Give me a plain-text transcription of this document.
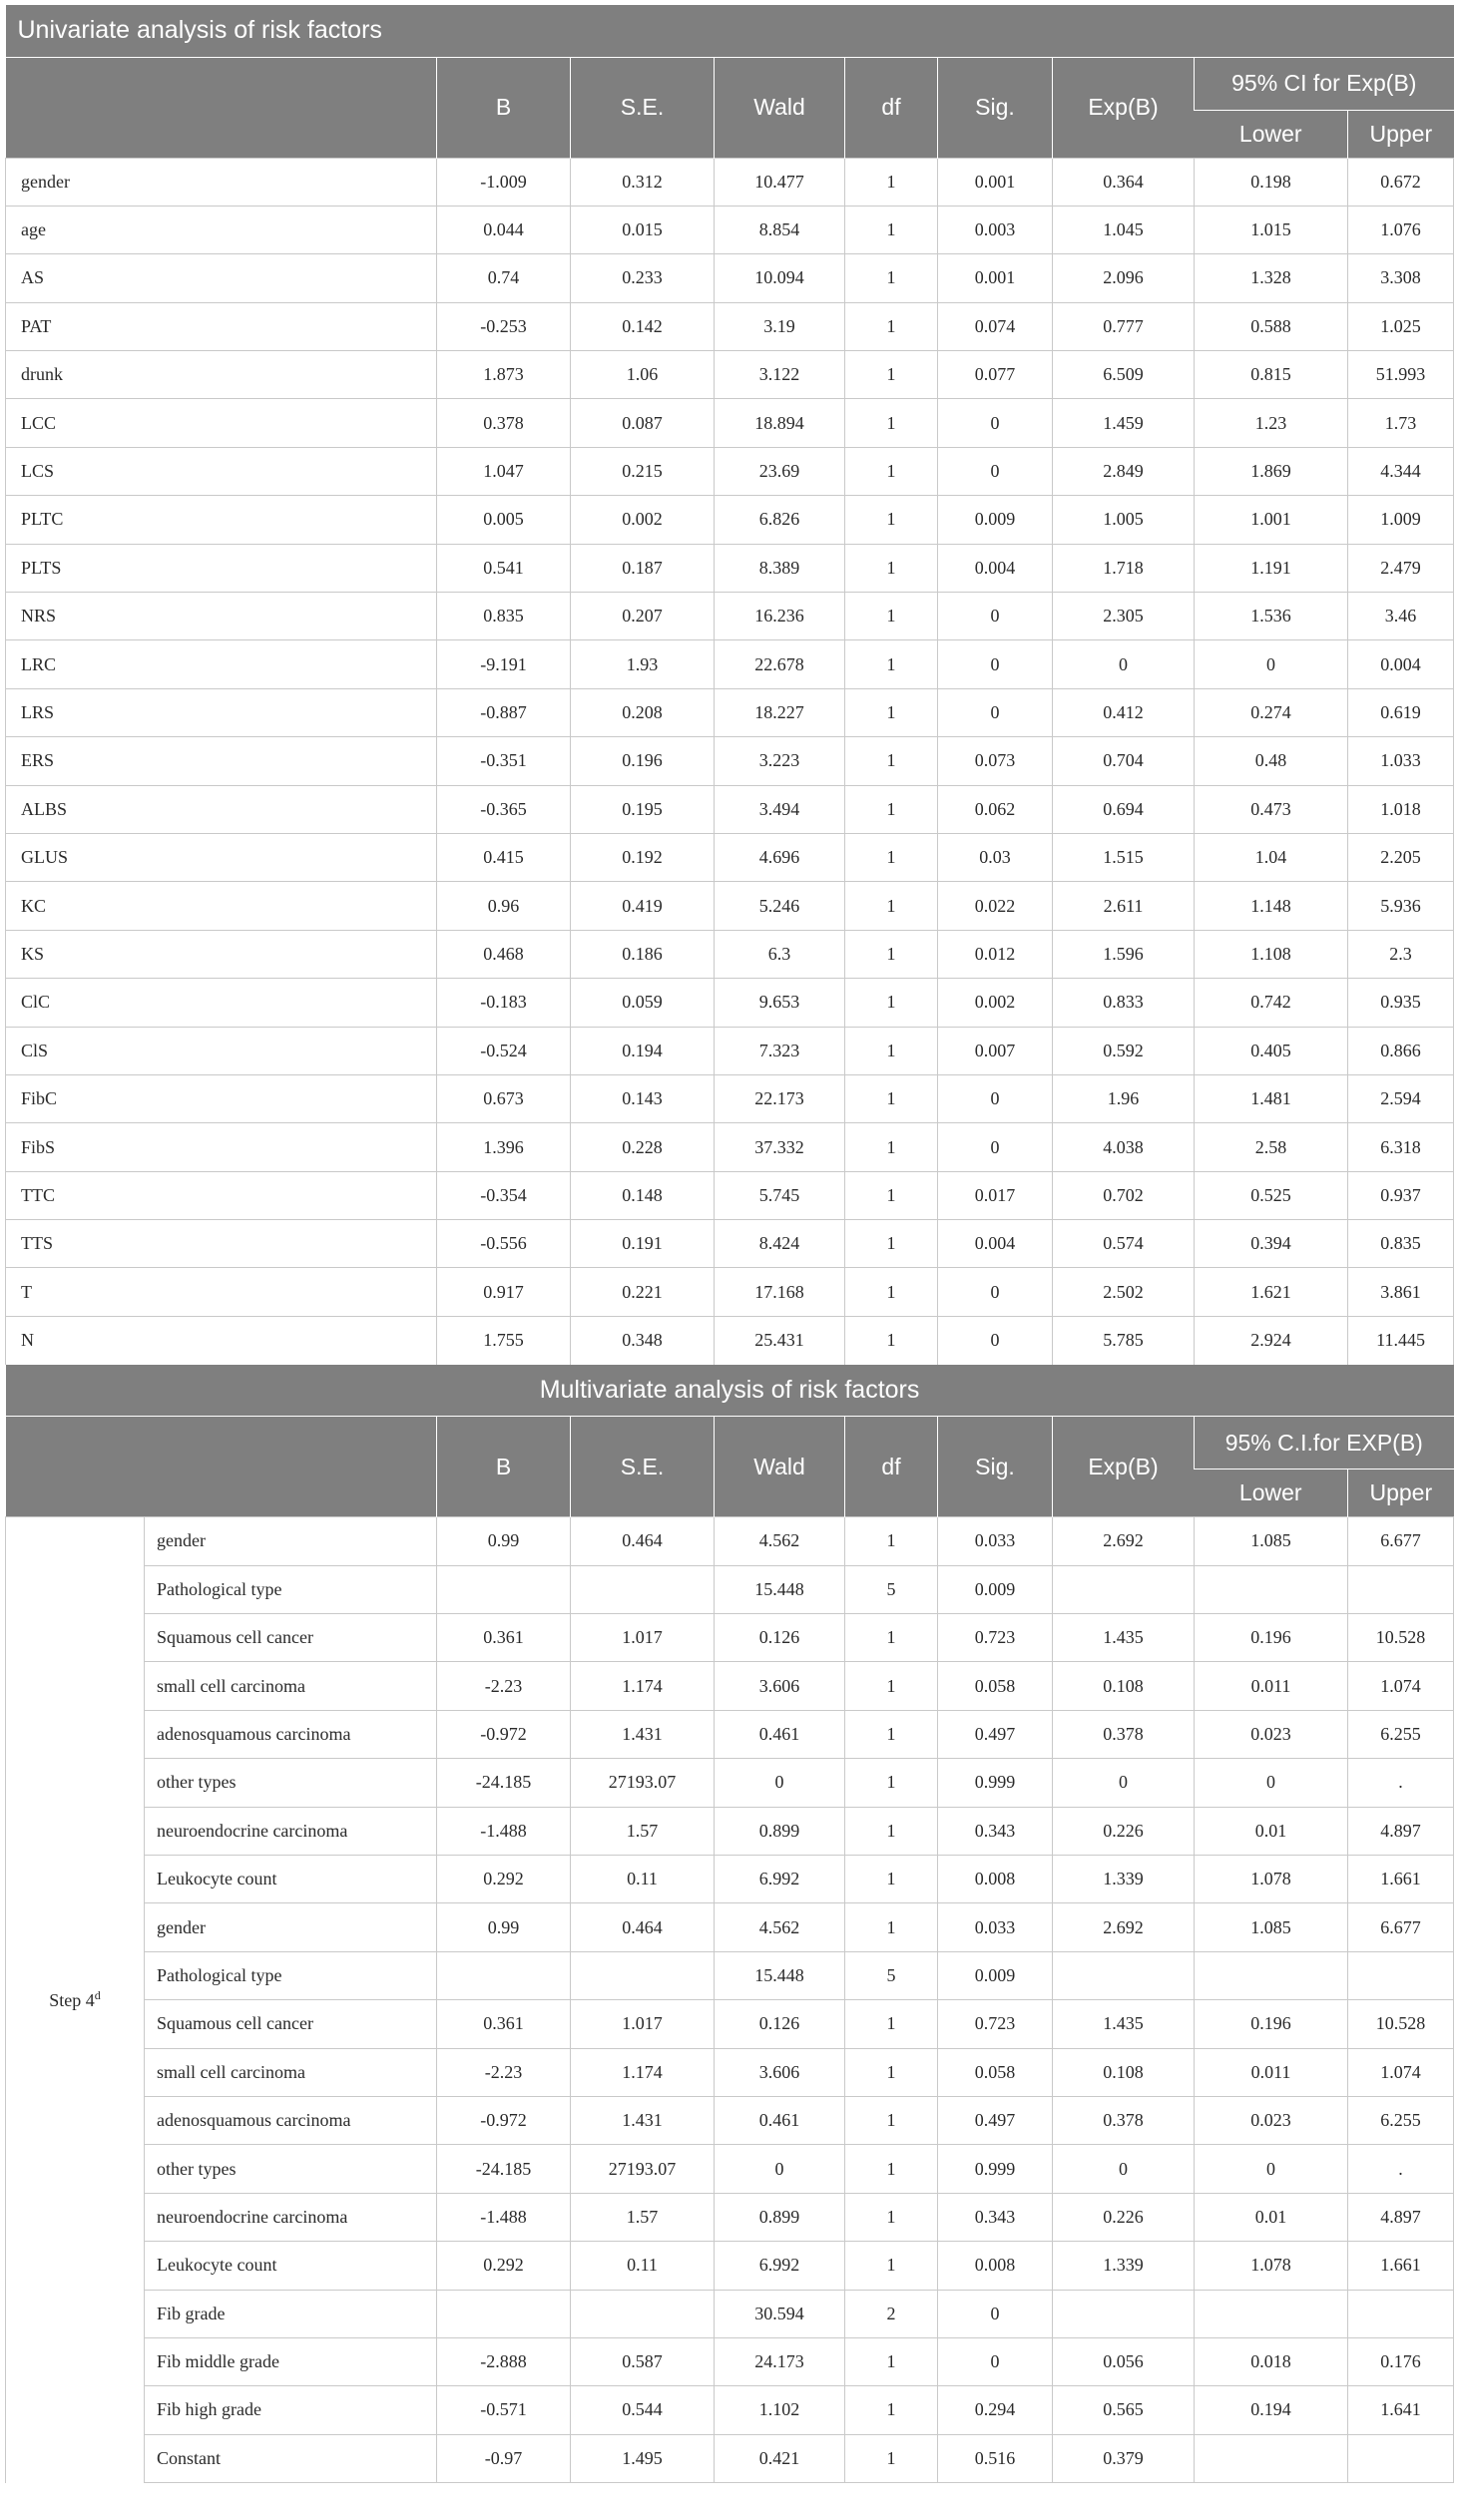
Univariate analysis of risk factors									
		B	S.E.	Wald	df	Sig.	Exp(B)	95% CI for Exp(B)	
								Lower	Upper
gender		-1.009	0.312	10.477	1	0.001	0.364	0.198	0.672
age		0.044	0.015	8.854	1	0.003	1.045	1.015	1.076
AS		0.74	0.233	10.094	1	0.001	2.096	1.328	3.308
PAT		-0.253	0.142	3.19	1	0.074	0.777	0.588	1.025
drunk		1.873	1.06	3.122	1	0.077	6.509	0.815	51.993
LCC		0.378	0.087	18.894	1	0	1.459	1.23	1.73
LCS		1.047	0.215	23.69	1	0	2.849	1.869	4.344
PLTC		0.005	0.002	6.826	1	0.009	1.005	1.001	1.009
PLTS		0.541	0.187	8.389	1	0.004	1.718	1.191	2.479
NRS		0.835	0.207	16.236	1	0	2.305	1.536	3.46
LRC		-9.191	1.93	22.678	1	0	0	0	0.004
LRS		-0.887	0.208	18.227	1	0	0.412	0.274	0.619
ERS		-0.351	0.196	3.223	1	0.073	0.704	0.48	1.033
ALBS		-0.365	0.195	3.494	1	0.062	0.694	0.473	1.018
GLUS		0.415	0.192	4.696	1	0.03	1.515	1.04	2.205
KC		0.96	0.419	5.246	1	0.022	2.611	1.148	5.936
KS		0.468	0.186	6.3	1	0.012	1.596	1.108	2.3
ClC		-0.183	0.059	9.653	1	0.002	0.833	0.742	0.935
ClS		-0.524	0.194	7.323	1	0.007	0.592	0.405	0.866
FibC		0.673	0.143	22.173	1	0	1.96	1.481	2.594
FibS		1.396	0.228	37.332	1	0	4.038	2.58	6.318
TTC		-0.354	0.148	5.745	1	0.017	0.702	0.525	0.937
TTS		-0.556	0.191	8.424	1	0.004	0.574	0.394	0.835
T		0.917	0.221	17.168	1	0	2.502	1.621	3.861
N		1.755	0.348	25.431	1	0	5.785	2.924	11.445
Multivariate analysis of risk factors									
		B	S.E.	Wald	df	Sig.	Exp(B)	95% C.I.for EXP(B)	
								Lower	Upper
Step 4$^d$	gender	0.99	0.464	4.562	1	0.033	2.692	1.085	6.677
	Pathological type			15.448	5	0.009			
	Squamous cell cancer	0.361	1.017	0.126	1	0.723	1.435	0.196	10.528
	small cell carcinoma	-2.23	1.174	3.606	1	0.058	0.108	0.011	1.074
	adenosquamous carcinoma	-0.972	1.431	0.461	1	0.497	0.378	0.023	6.255
	other types	-24.185	27193.07	0	1	0.999	0	0	.
	neuroendocrine carcinoma	-1.488	1.57	0.899	1	0.343	0.226	0.01	4.897
	Leukocyte count	0.292	0.11	6.992	1	0.008	1.339	1.078	1.661
	gender	0.99	0.464	4.562	1	0.033	2.692	1.085	6.677
	Pathological type			15.448	5	0.009			
	Squamous cell cancer	0.361	1.017	0.126	1	0.723	1.435	0.196	10.528
	small cell carcinoma	-2.23	1.174	3.606	1	0.058	0.108	0.011	1.074
	adenosquamous carcinoma	-0.972	1.431	0.461	1	0.497	0.378	0.023	6.255
	other types	-24.185	27193.07	0	1	0.999	0	0	.
	neuroendocrine carcinoma	-1.488	1.57	0.899	1	0.343	0.226	0.01	4.897
	Leukocyte count	0.292	0.11	6.992	1	0.008	1.339	1.078	1.661
	Fib grade			30.594	2	0			
	Fib middle grade	-2.888	0.587	24.173	1	0	0.056	0.018	0.176
	Fib high grade	-0.571	0.544	1.102	1	0.294	0.565	0.194	1.641
	Constant	-0.97	1.495	0.421	1	0.516	0.379		
